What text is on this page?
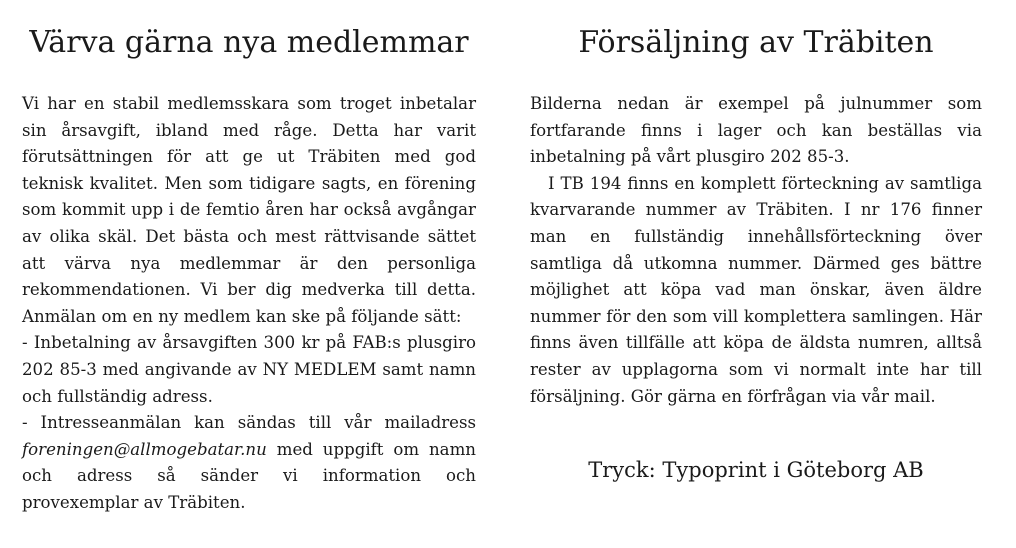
Värva gärna nya medlemmar

Vi har en stabil medlemsskara som troget inbetalar sin årsavgift, ibland med råge. Detta har varit förutsättningen för att ge ut Träbiten med god teknisk kvalitet. Men som tidigare sagts, en förening som kommit upp i de femtio åren har också avgångar av olika skäl. Det bästa och mest rättvisande sättet att värva nya medlemmar är den personliga rekommendationen. Vi ber dig medverka till detta. Anmälan om en ny medlem kan ske på följande sätt:

- Inbetalning av årsavgiften 300 kr på FAB:s plusgiro 202 85-3 med angivande av NY MEDLEM samt namn och fullständig adress.

- Intresseanmälan kan sändas till vår mailadress foreningen@allmogebatar.nu med uppgift om namn och adress så sänder vi information och provexemplar av Träbiten.

Försäljning av Träbiten

Bilderna nedan är exempel på julnummer som fortfarande finns i lager och kan beställas via inbetalning på vårt plusgiro 202 85-3.

I TB 194 finns en komplett förteckning av samtliga kvarvarande nummer av Träbiten. I nr 176 finner man en fullständig innehållsförteckning över samtliga då utkomna nummer. Därmed ges bättre möjlighet att köpa vad man önskar, även äldre nummer för den som vill komplettera samlingen. Här finns även tillfälle att köpa de äldsta numren, alltså rester av upplagorna som vi normalt inte har till försäljning. Gör gärna en förfrågan via vår mail.

Tryck: Typoprint i Göteborg AB
